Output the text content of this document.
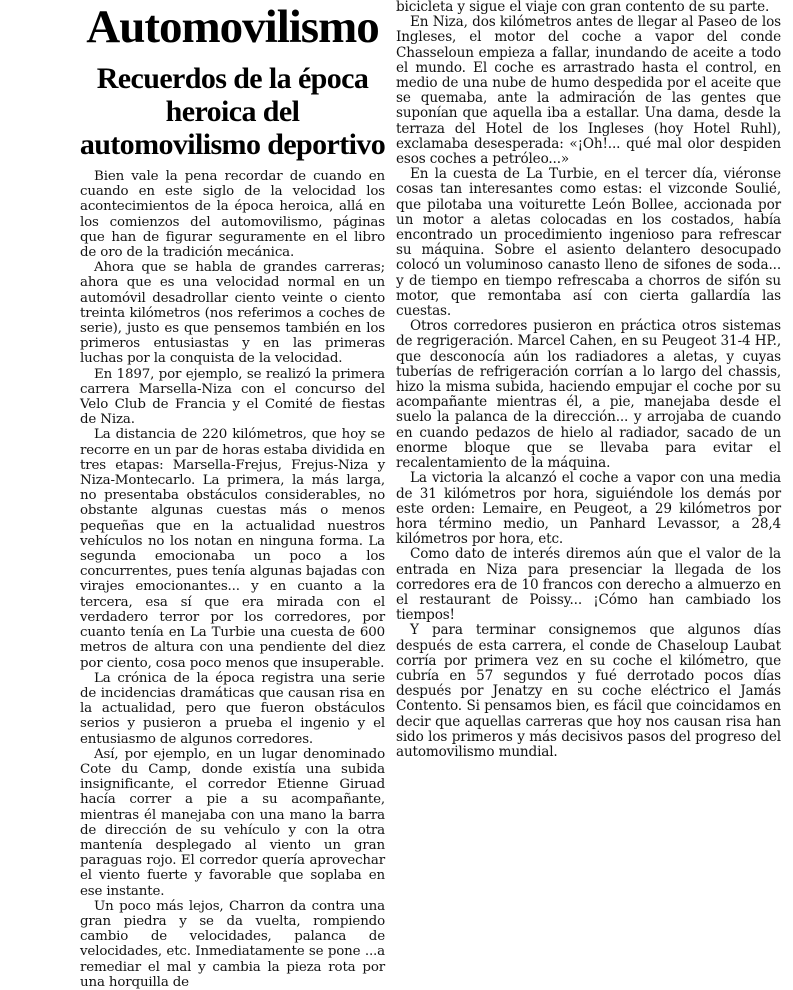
Automovilismo
Recuerdos de la época heroica del automovilismo deportivo

Bien vale la pena recordar de cuando en cuando en este siglo de la velocidad los acontecimientos de la época heroica, allá en los comienzos del automovilismo, páginas que han de figurar seguramente en el libro de oro de la tradición mecánica.

Ahora que se habla de grandes carreras; ahora que es una velocidad normal en un automóvil desadrollar ciento veinte o ciento treinta kilómetros (nos referimos a coches de serie), justo es que pensemos también en los primeros entusiastas y en las primeras luchas por la conquista de la velocidad.

En 1897, por ejemplo, se realizó la primera carrera Marsella-Niza con el concurso del Velo Club de Francia y el Comité de fiestas de Niza.

La distancia de 220 kilómetros, que hoy se recorre en un par de horas estaba dividida en tres etapas: Marsella-Frejus, Frejus-Niza y Niza-Montecarlo. La primera, la más larga, no presentaba obstáculos considerables, no obstante algunas cuestas más o menos pequeñas que en la actualidad nuestros vehículos no los notan en ninguna forma. La segunda emocionaba un poco a los concurrentes, pues tenía algunas bajadas con virajes emocionantes... y en cuanto a la tercera, esa sí que era mirada con el verdadero terror por los corredores, por cuanto tenía en La Turbie una cuesta de 600 metros de altura con una pendiente del diez por ciento, cosa poco menos que insuperable.

La crónica de la época registra una serie de incidencias dramáticas que causan risa en la actualidad, pero que fueron obstáculos serios y pusieron a prueba el ingenio y el entusiasmo de algunos corredores.

Así, por ejemplo, en un lugar denominado Cote du Camp, donde existía una subida insignificante, el corredor Etienne Giruad hacía correr a pie a su acompañante, mientras él manejaba con una mano la barra de dirección de su vehículo y con la otra mantenía desplegado al viento un gran paraguas rojo. El corredor quería aprovechar el viento fuerte y favorable que soplaba en ese instante.

Un poco más lejos, Charron da contra una gran piedra y se da vuelta, rompiendo cambio de velocidades, palanca de velocidades, etc. Inmediatamente se pone ...a remediar el mal y cambia la pieza rota por una horquilla de

bicicleta y sigue el viaje con gran contento de su parte.

En Niza, dos kilómetros antes de llegar al Paseo de los Ingleses, el motor del coche a vapor del conde Chasseloun empieza a fallar, inundando de aceite a todo el mundo. El coche es arrastrado hasta el control, en medio de una nube de humo despedida por el aceite que se quemaba, ante la admiración de las gentes que suponían que aquella iba a estallar. Una dama, desde la terraza del Hotel de los Ingleses (hoy Hotel Ruhl), exclamaba desesperada: «¡Oh!... qué mal olor despiden esos coches a petróleo...»

En la cuesta de La Turbie, en el tercer día, viéronse cosas tan interesantes como estas: el vizconde Soulié, que pilotaba una voiturette León Bollee, accionada por un motor a aletas colocadas en los costados, había encontrado un procedimiento ingenioso para refrescar su máquina. Sobre el asiento delantero desocupado colocó un voluminoso canasto lleno de sifones de soda... y de tiempo en tiempo refrescaba a chorros de sifón su motor, que remontaba así con cierta gallardía las cuestas.

Otros corredores pusieron en práctica otros sistemas de regrigeración. Marcel Cahen, en su Peugeot 31-4 HP., que desconocía aún los radiadores a aletas, y cuyas tuberías de refrigeración corrían a lo largo del chassis, hizo la misma subida, haciendo empujar el coche por su acompañante mientras él, a pie, manejaba desde el suelo la palanca de la dirección... y arrojaba de cuando en cuando pedazos de hielo al radiador, sacado de un enorme bloque que se llevaba para evitar el recalentamiento de la máquina.

La victoria la alcanzó el coche a vapor con una media de 31 kilómetros por hora, siguiéndole los demás por este orden: Lemaire, en Peugeot, a 29 kilómetros por hora término medio, un Panhard Levassor, a 28,4 kilómetros por hora, etc.

Como dato de interés diremos aún que el valor de la entrada en Niza para presenciar la llegada de los corredores era de 10 francos con derecho a almuerzo en el restaurant de Poissy... ¡Cómo han cambiado los tiempos!

Y para terminar consignemos que algunos días después de esta carrera, el conde de Chaseloup Laubat corría por primera vez en su coche el kilómetro, que cubría en 57 segundos y fué derrotado pocos días después por Jenatzy en su coche eléctrico el Jamás Contento. Si pensamos bien, es fácil que coincidamos en decir que aquellas carreras que hoy nos causan risa han sido los primeros y más decisivos pasos del progreso del automovilismo mundial.
